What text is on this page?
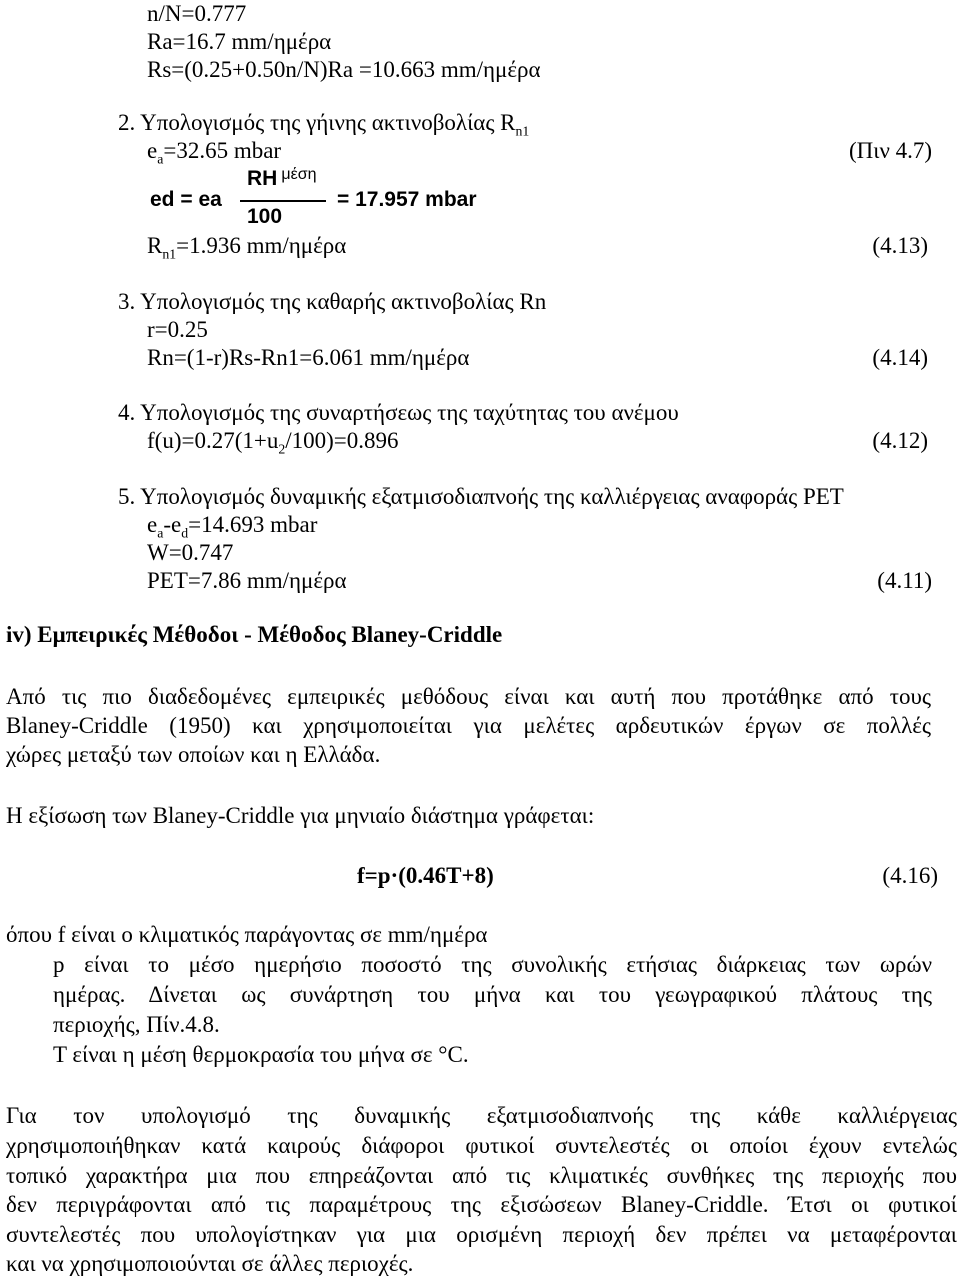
n/N=0.777
Ra=16.7 mm/ημέρα
Rs=(0.25+0.50n/N)Ra =10.663 mm/ημέρα
2. Υπολογισμός της γήινης ακτινοβολίας $R_{n1}$
$e_a=32.65$ mbar	(Πιν 4.7)
ed = ea
RH $^{\mu έ\sigma\eta}$
100
= 17.957 mbar
$R_{n1}=1.936$ mm/ημέρα	(4.13)
3. Υπολογισμός της καθαρής ακτινοβολίας Rn
r=0.25
Rn=(1-r)Rs-Rn1=6.061 mm/ημέρα	(4.14)
4. Υπολογισμός της συναρτήσεως της ταχύτητας του ανέμου
$f(u)=0.27(1+u_2/100)=0.896$	(4.12)
5. Υπολογισμός δυναμικής εξατμισοδιαπνοής της καλλιέργειας αναφοράς PET
$e_a-e_d=14.693$ mbar
W=0.747
PET=7.86 mm/ημέρα	(4.11)
iv) Εμπειρικές Μέθοδοι - Μέθοδος Blaney-Criddle
Από τις πιο διαδεδομένες εμπειρικές μεθόδους είναι και αυτή που προτάθηκε από τους
Blaney-Criddle (1950) και χρησιμοποιείται για μελέτες αρδευτικών έργων σε πολλές
χώρες μεταξύ των οποίων και η Ελλάδα.
Η εξίσωση των Blaney-Criddle για μηνιαίο διάστημα γράφεται:
f=p·(0.46T+8)	(4.16)
όπου f είναι ο κλιματικός παράγοντας σε mm/ημέρα
p είναι το μέσο ημερήσιο ποσοστό της συνολικής ετήσιας διάρκειας των ωρών
ημέρας. Δίνεται ως συνάρτηση του μήνα και του γεωγραφικού πλάτους της
περιοχής, Πίν.4.8.
T είναι η μέση θερμοκρασία του μήνα σε °C.
Για τον υπολογισμό της δυναμικής εξατμισοδιαπνοής της κάθε καλλιέργειας
χρησιμοποιήθηκαν κατά καιρούς διάφοροι φυτικοί συντελεστές οι οποίοι έχουν εντελώς
τοπικό χαρακτήρα μια που επηρεάζονται από τις κλιματικές συνθήκες της περιοχής που
δεν περιγράφονται από τις παραμέτρους της εξισώσεων Blaney-Criddle. Έτσι οι φυτικοί
συντελεστές που υπολογίστηκαν για μια ορισμένη περιοχή δεν πρέπει να μεταφέρονται
και να χρησιμοποιούνται σε άλλες περιοχές.
